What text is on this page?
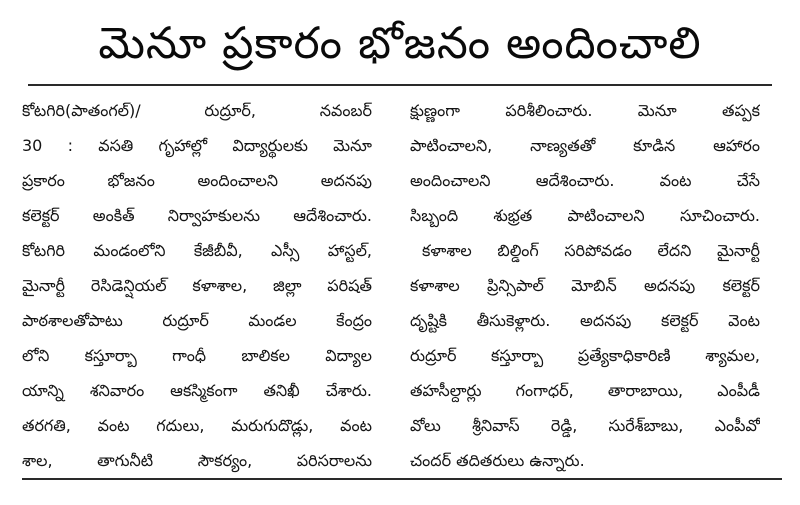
మెనూ ప్రకారం భోజనం అందించాలి
కోటగిరి(పాతంగల్)/ రుద్రూర్, నవంబర్
30 : వసతి గృహాల్లో విద్యార్థులకు మెనూ
ప్రకారం భోజనం అందించాలని అదనపు
కలెక్టర్ అంకిత్ నిర్వాహకులను ఆదేశించారు.
కోటగిరి మండంలోని కేజీబీవీ, ఎస్సీ హాస్టల్,
మైనార్టీ రెసిడెన్షియల్ కళాశాల, జిల్లా పరిషత్
పాఠశాలతోపాటు రుద్రూర్ మండల కేంద్రం
లోని కస్తూర్బా గాంధీ బాలికల విద్యాల
యాన్ని శనివారం ఆకస్మికంగా తనిఖీ చేశారు.
తరగతి, వంట గదులు, మరుగుదొడ్లు, వంట
శాల, తాగునీటి సౌకర్యం, పరిసరాలను
క్షుణ్ణంగా పరిశీలించారు. మెనూ తప్పక
పాటించాలని, నాణ్యతతో కూడిన ఆహారం
అందించాలని ఆదేశించారు. వంట చేసే
సిబ్బంది శుభ్రత పాటించాలని సూచించారు.
కళాశాల బిల్డింగ్ సరిపోవడం లేదని మైనార్టీ
కళాశాల ప్రిన్సిపాల్ మోబిన్ అదనపు కలెక్టర్
దృష్టికి తీసుకెళ్లారు. అదనపు కలెక్టర్ వెంట
రుద్రూర్ కస్తూర్బా ప్రత్యేకాధికారిణి శ్యామల,
తహసీల్దార్లు గంగాధర్, తారాబాయి, ఎంపీడీ
వోలు శ్రీనివాస్ రెడ్డి, సురేశ్‌బాబు, ఎంపీవో
చందర్ తదితరులు ఉన్నారు.
